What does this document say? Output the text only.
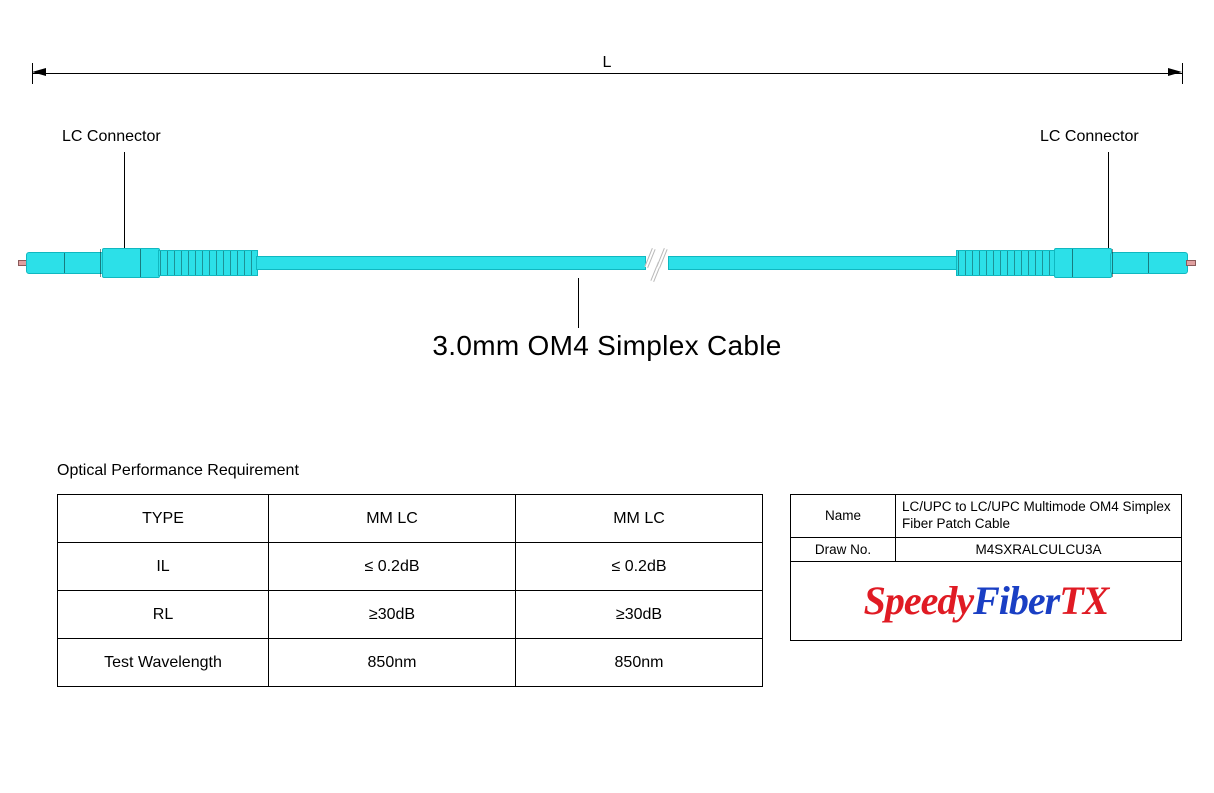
L
LC Connector	LC Connector
3.0mm OM4 Simplex Cable
Optical Performance Requirement
TYPE	MM LC	MM LC
IL	≤ 0.2dB	≤ 0.2dB
RL	≥30dB	≥30dB
Test Wavelength	850nm	850nm
Name	LC/UPC to LC/UPC Multimode OM4 Simplex Fiber Patch Cable
Draw No.	M4SXRALCULCU3A

SpeedyFiberTX	
